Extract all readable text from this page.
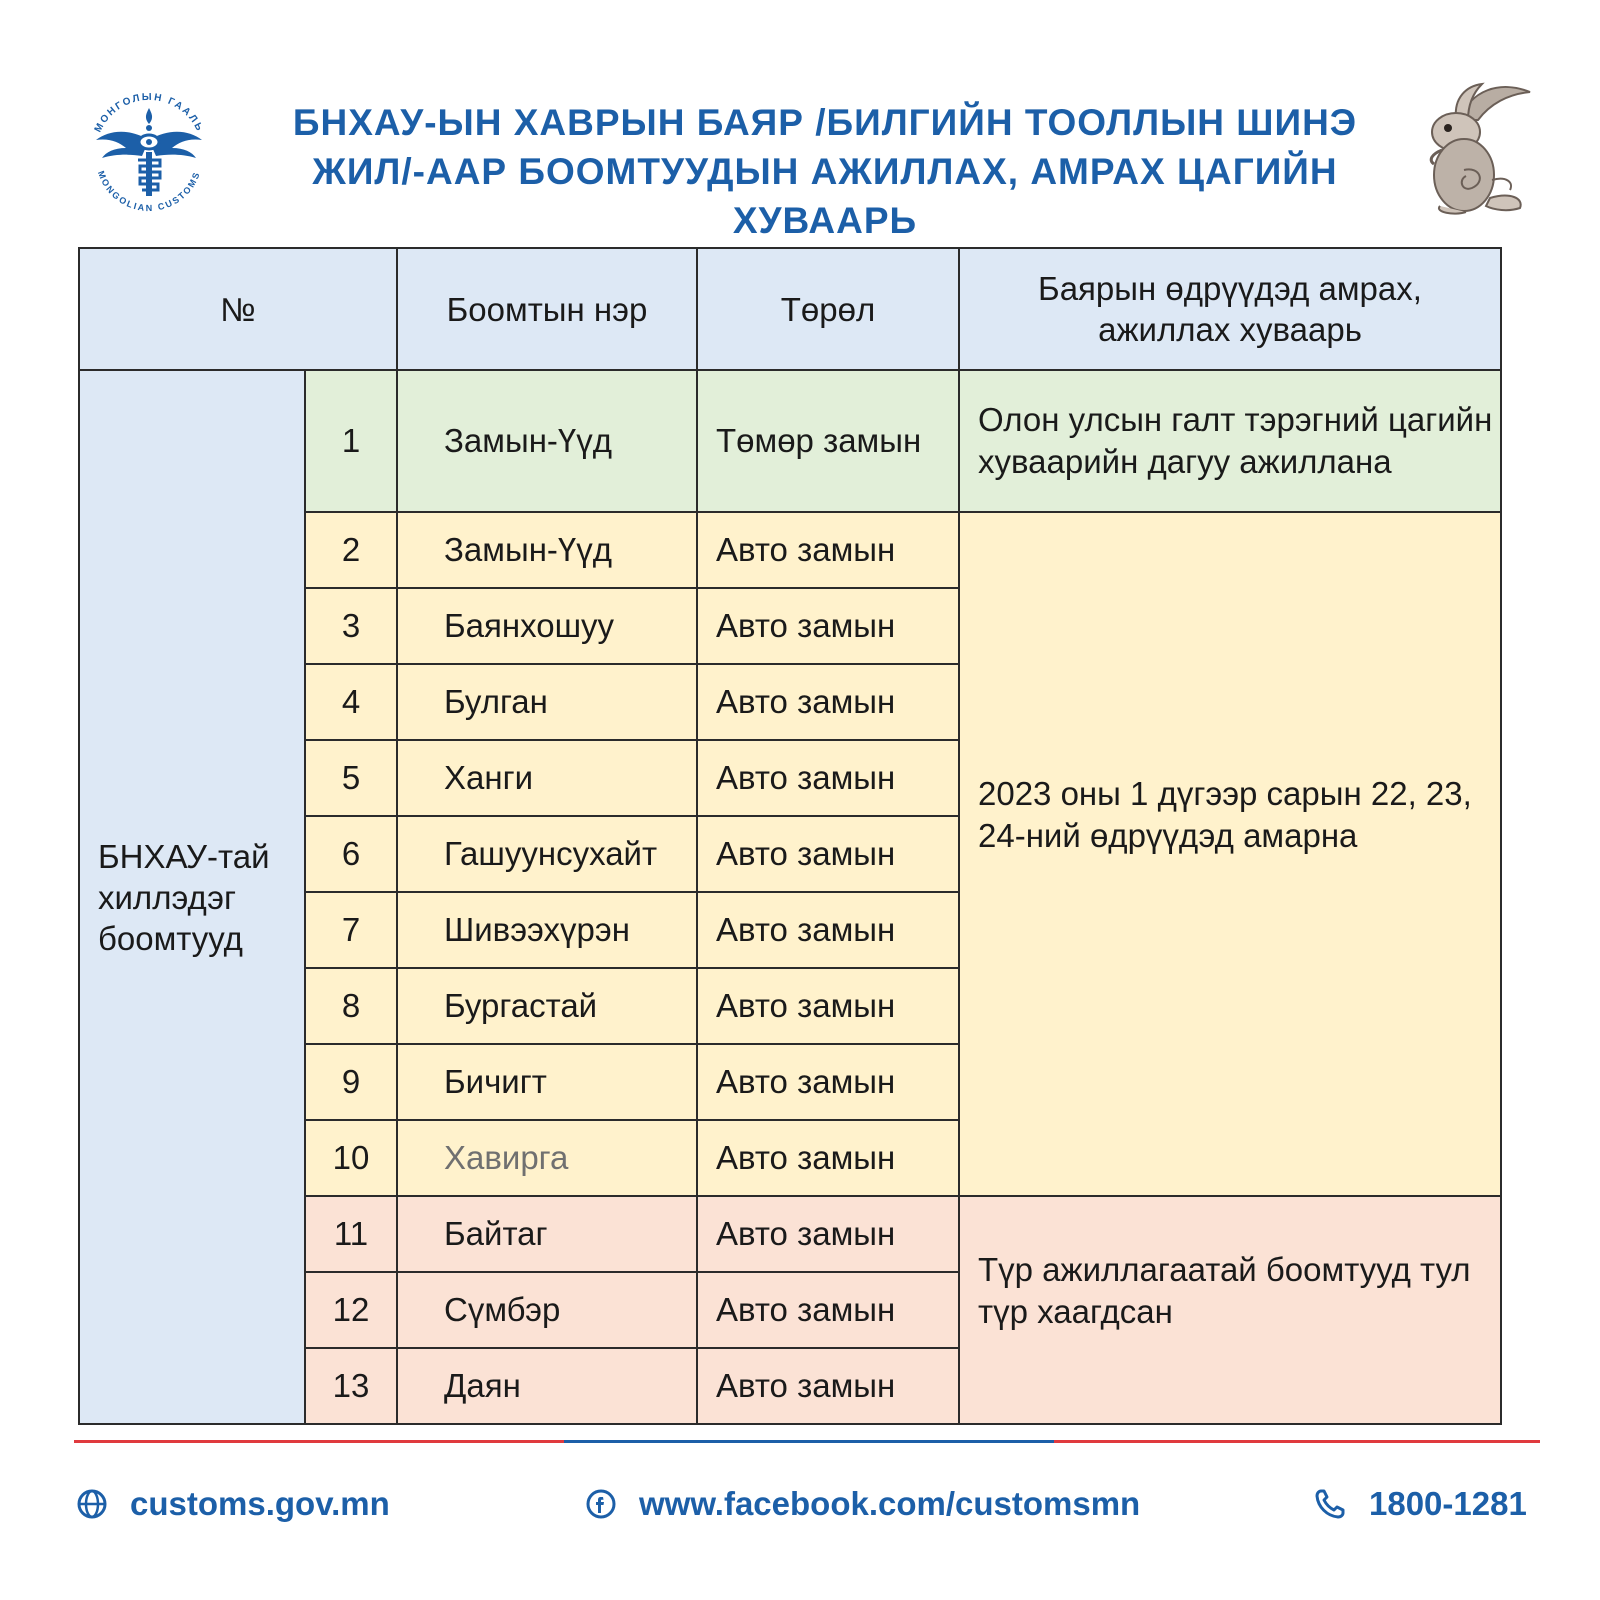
МОНГОЛЫН ГААЛЬ
MONGOLIAN CUSTOMS
БНХАУ-ЫН ХАВРЫН БАЯР /БИЛГИЙН ТООЛЛЫН ШИНЭ
ЖИЛ/-ААР БООМТУУДЫН АЖИЛЛАХ, АМРАХ ЦАГИЙН ХУВААРЬ
№		Боомтын нэр	Төрөл	Баярын өдрүүдэд амрах, ажиллах хуваарь
БНХАУ-тай хиллэдэг боомтууд	1	Замын-Үүд	Төмөр замын	Олон улсын галт тэрэгний цагийн хуваарийн дагуу ажиллана
	2	Замын-Үүд	Авто замын	2023 оны 1 дүгээр сарын 22, 23, 24-ний өдрүүдэд амарна
	3	Баянхошуу	Авто замын	
	4	Булган	Авто замын	
	5	Ханги	Авто замын	
	6	Гашуунсухайт	Авто замын	
	7	Шивээхүрэн	Авто замын	
	8	Бургастай	Авто замын	
	9	Бичигт	Авто замын	
	10	Хавирга	Авто замын	
	11	Байтаг	Авто замын	Түр ажиллагаатай боомтууд тул түр хаагдсан
	12	Сүмбэр	Авто замын	
	13	Даян	Авто замын	
customs.gov.mn	www.facebook.com/customsmn	1800-1281
